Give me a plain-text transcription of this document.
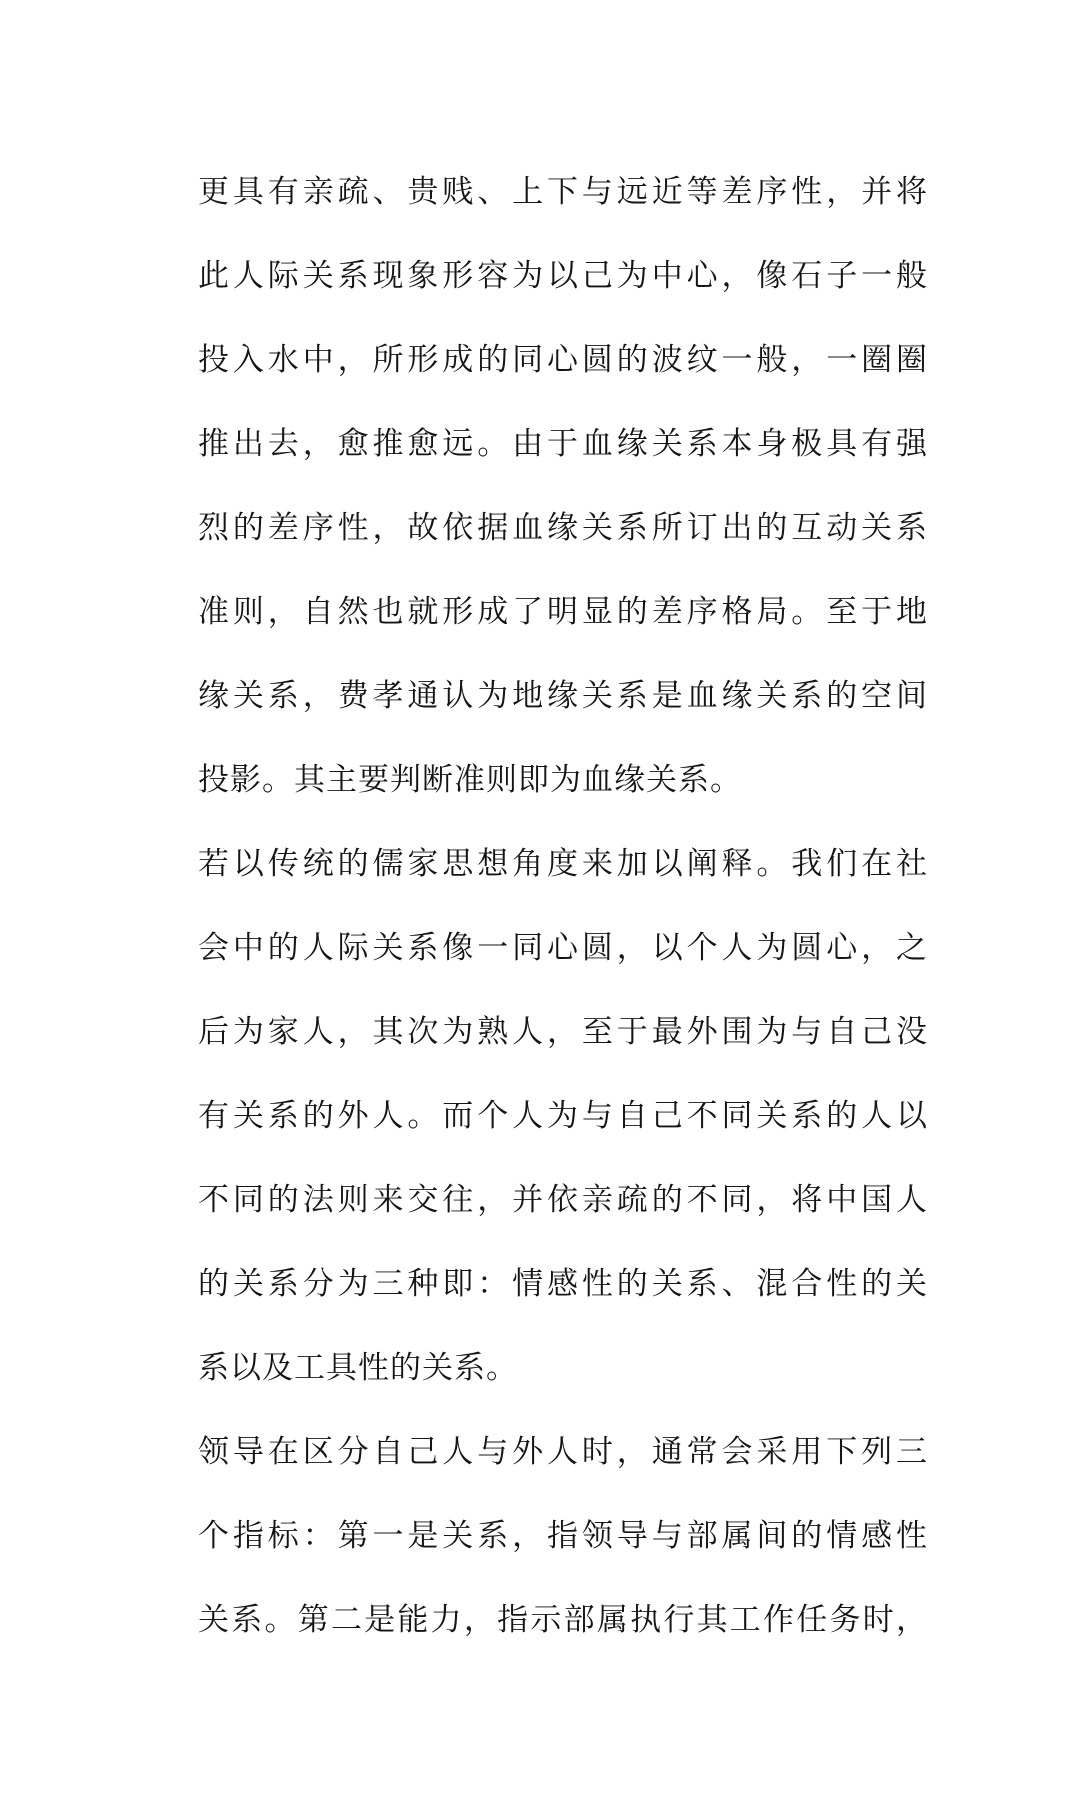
更具有亲疏、贵贱、上下与远近等差序性，并将
此人际关系现象形容为以己为中心，像石子一般
投入水中，所形成的同心圆的波纹一般，一圈圈
推出去，愈推愈远。由于血缘关系本身极具有强
烈的差序性，故依据血缘关系所订出的互动关系
准则，自然也就形成了明显的差序格局。至于地
缘关系，费孝通认为地缘关系是血缘关系的空间
投影。其主要判断准则即为血缘关系。
若以传统的儒家思想角度来加以阐释。我们在社
会中的人际关系像一同心圆，以个人为圆心，之
后为家人，其次为熟人，至于最外围为与自己没
有关系的外人。而个人为与自己不同关系的人以
不同的法则来交往，并依亲疏的不同，将中国人
的关系分为三种即：情感性的关系、混合性的关
系以及工具性的关系。
领导在区分自己人与外人时，通常会采用下列三
个指标：第一是关系，指领导与部属间的情感性
关系。第二是能力，指示部属执行其工作任务时，
